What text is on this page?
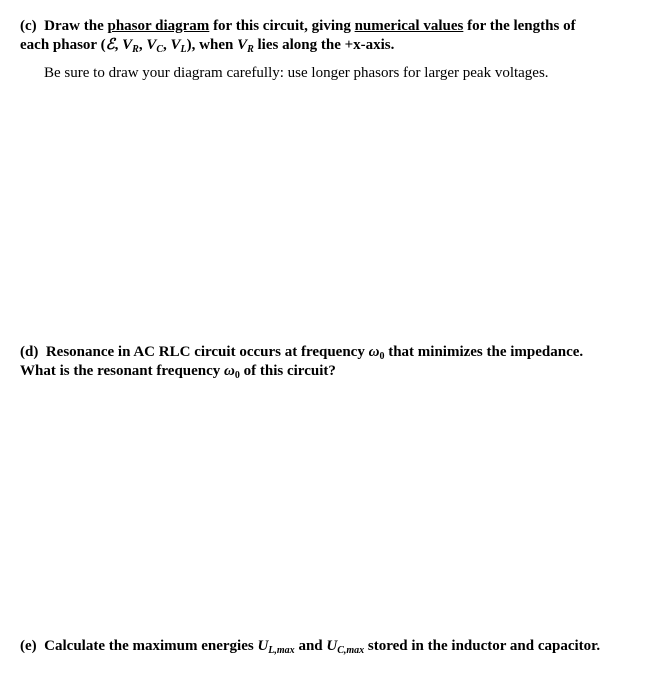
(c) Draw the phasor diagram for this circuit, giving numerical values for the lengths of
each phasor (ℰ, $V_R$, $V_C$, $V_L$), when $V_R$ lies along the +x-axis.

Be sure to draw your diagram carefully: use longer phasors for larger peak voltages.

(d) Resonance in AC RLC circuit occurs at frequency $\omega_0$ that minimizes the impedance.
What is the resonant frequency $\omega_0$ of this circuit?
(e) Calculate the maximum energies $U_{L,max}$ and $U_{C,max}$ stored in the inductor and capacitor.
